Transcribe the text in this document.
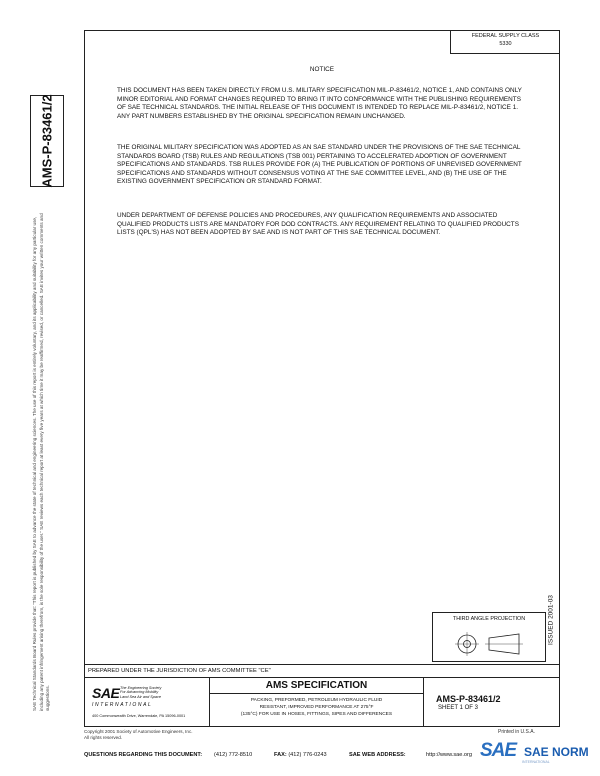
AMS-P-83461/2
SAE Technical Standards Board Rules provide that: "This report is published by SAE to advance the state of technical and engineering sciences. The use of this report is entirely voluntary, and its applicability and suitability for any particular use, including any patent infringement arising therefrom, is the sole responsibility of the user." SAE reviews each technical report at least every five years at which time it may be reaffirmed, revised, or cancelled. SAE invites your written comments and suggestions.
FEDERAL SUPPLY CLASS
5330
NOTICE
THIS DOCUMENT HAS BEEN TAKEN DIRECTLY FROM U.S. MILITARY SPECIFICATION MIL-P-83461/2, NOTICE 1, AND CONTAINS ONLY MINOR EDITORIAL AND FORMAT CHANGES REQUIRED TO BRING IT INTO CONFORMANCE WITH THE PUBLISHING REQUIREMENTS OF SAE TECHNICAL STANDARDS. THE INITIAL RELEASE OF THIS DOCUMENT IS INTENDED TO REPLACE MIL-P-83461/2, NOTICE 1. ANY PART NUMBERS ESTABLISHED BY THE ORIGINAL SPECIFICATION REMAIN UNCHANGED.
THE ORIGINAL MILITARY SPECIFICATION WAS ADOPTED AS AN SAE STANDARD UNDER THE PROVISIONS OF THE SAE TECHNICAL STANDARDS BOARD (TSB) RULES AND REGULATIONS (TSB 001) PERTAINING TO ACCELERATED ADOPTION OF GOVERNMENT SPECIFICATIONS AND STANDARDS. TSB RULES PROVIDE FOR (A) THE PUBLICATION OF PORTIONS OF UNREVISED GOVERNMENT SPECIFICATIONS AND STANDARDS WITHOUT CONSENSUS VOTING AT THE SAE COMMITTEE LEVEL, AND (B) THE USE OF THE EXISTING GOVERNMENT SPECIFICATION OR STANDARD FORMAT.
UNDER DEPARTMENT OF DEFENSE POLICIES AND PROCEDURES, ANY QUALIFICATION REQUIREMENTS AND ASSOCIATED QUALIFIED PRODUCTS LISTS ARE MANDATORY FOR DOD CONTRACTS. ANY REQUIREMENT RELATING TO QUALIFIED PRODUCTS LISTS (QPL'S) HAS NOT BEEN ADOPTED BY SAE AND IS NOT PART OF THIS SAE TECHNICAL DOCUMENT.
ISSUED 2001-03
THIRD ANGLE PROJECTION
PREPARED UNDER THE JURISDICTION OF AMS COMMITTEE "CE"
SAE The Engineering Society
For Advancing Mobility
Land Sea Air and Space
INTERNATIONAL
400 Commonwealth Drive, Warrendale, PA 15096-0001
AMS SPECIFICATION
PACKING, PREFORMED, PETROLEUM HYDRAULIC FLUID
RESISTANT, IMPROVED PERFORMANCE AT 275°F
(135°C) FOR USE IN HOSES, FITTINGS, SIPES AND DIFFERENCES
AMS-P-83461/2
SHEET 1 OF 3
Copyright 2001 Society of Automotive Engineers, Inc.
All rights reserved.
Printed in U.S.A.
QUESTIONS REGARDING THIS DOCUMENT: (412) 772-8510	FAX: (412) 776-0243	SAE WEB ADDRESS:	http://www.sae.org SAE SAE NORM
INTERNATIONAL
